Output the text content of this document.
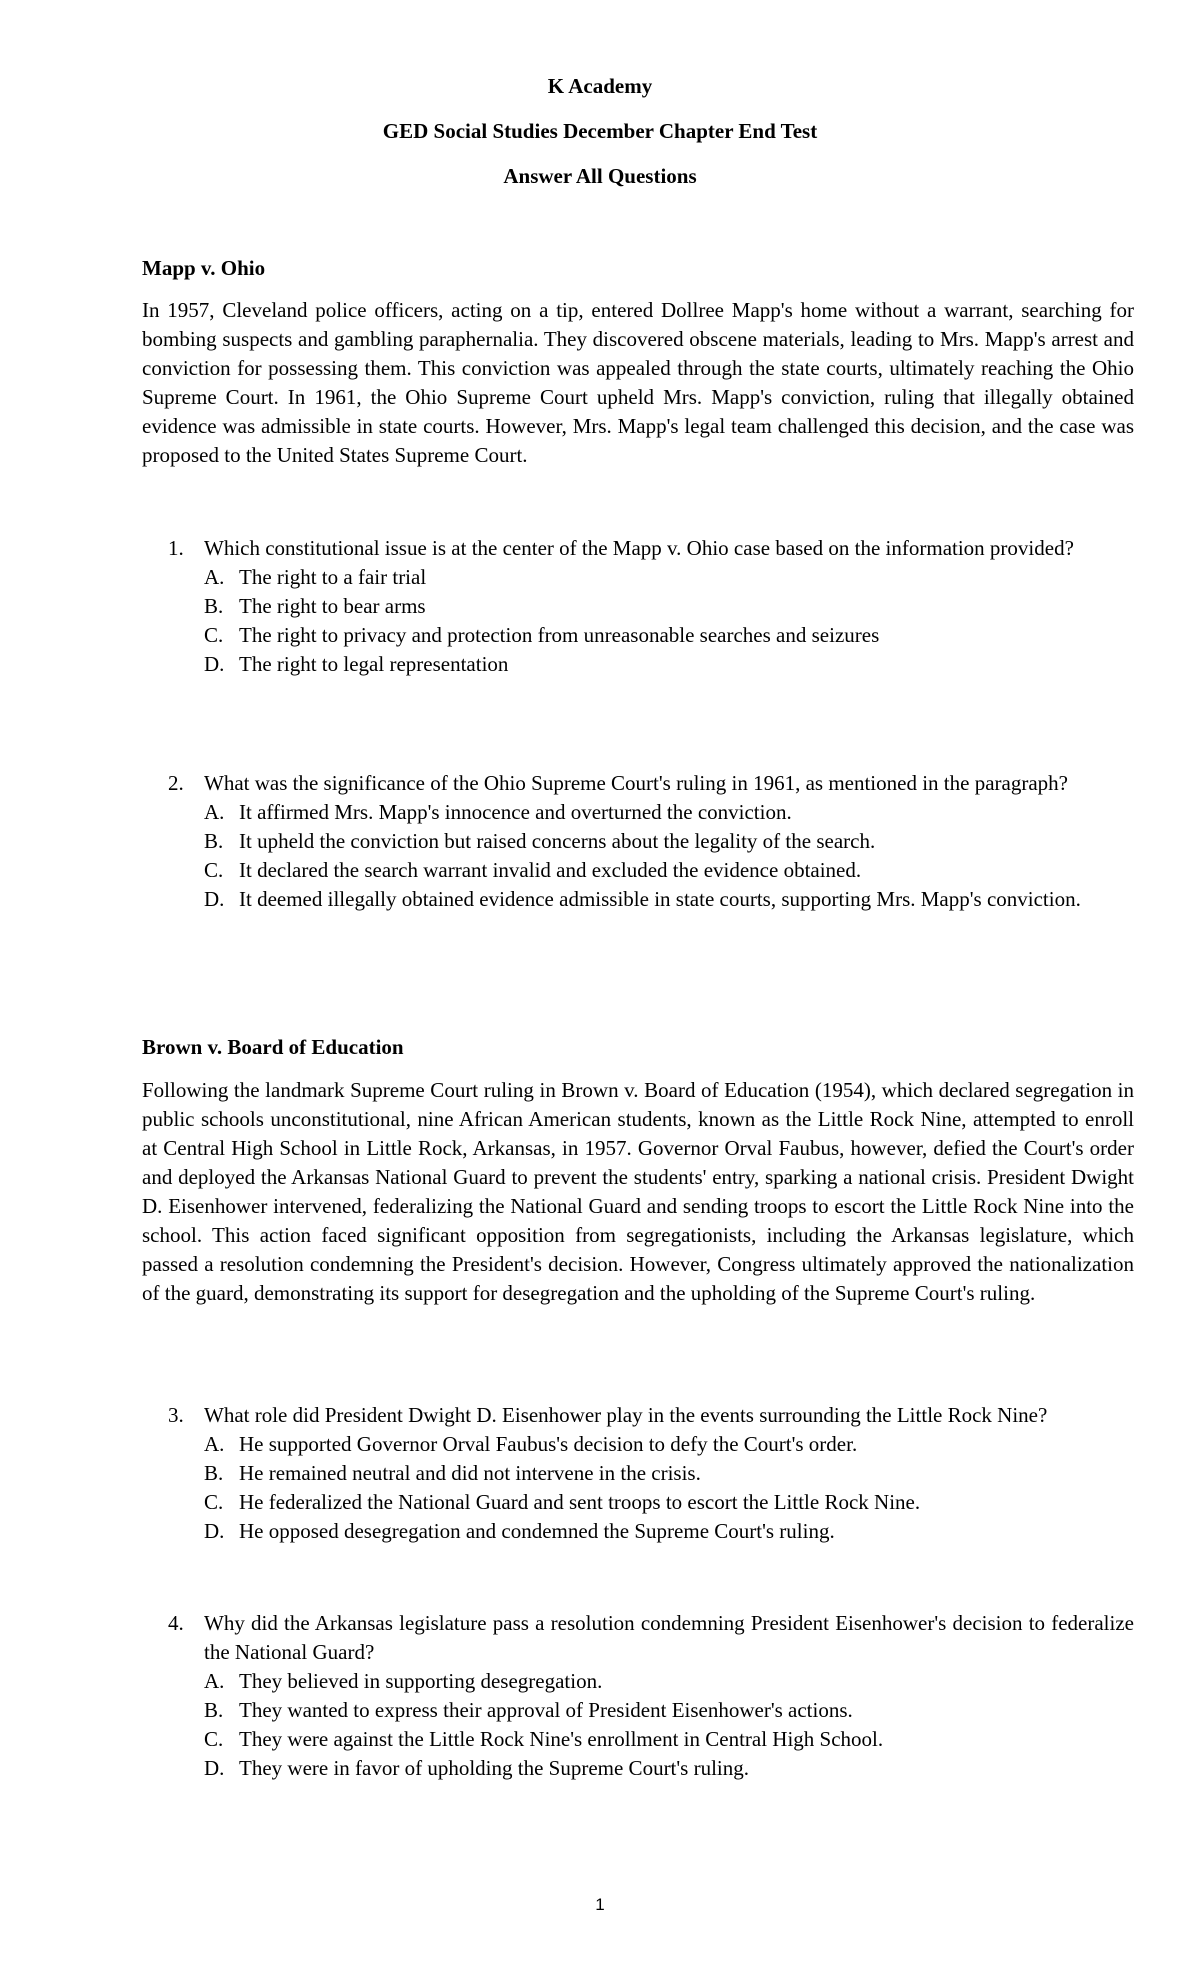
K Academy
GED Social Studies December Chapter End Test
Answer All Questions
Mapp v. Ohio
In 1957, Cleveland police officers, acting on a tip, entered Dollree Mapp's home without a warrant, searching for bombing suspects and gambling paraphernalia. They discovered obscene materials, leading to Mrs. Mapp's arrest and conviction for possessing them. This conviction was appealed through the state courts, ultimately reaching the Ohio Supreme Court. In 1961, the Ohio Supreme Court upheld Mrs. Mapp's conviction, ruling that illegally obtained evidence was admissible in state courts. However, Mrs. Mapp's legal team challenged this decision, and the case was proposed to the United States Supreme Court.
1. Which constitutional issue is at the center of the Mapp v. Ohio case based on the information provided?
A. The right to a fair trial
B. The right to bear arms
C. The right to privacy and protection from unreasonable searches and seizures
D. The right to legal representation
2. What was the significance of the Ohio Supreme Court's ruling in 1961, as mentioned in the paragraph?
A. It affirmed Mrs. Mapp's innocence and overturned the conviction.
B. It upheld the conviction but raised concerns about the legality of the search.
C. It declared the search warrant invalid and excluded the evidence obtained.
D. It deemed illegally obtained evidence admissible in state courts, supporting Mrs. Mapp's conviction.
Brown v. Board of Education
Following the landmark Supreme Court ruling in Brown v. Board of Education (1954), which declared segregation in public schools unconstitutional, nine African American students, known as the Little Rock Nine, attempted to enroll at Central High School in Little Rock, Arkansas, in 1957. Governor Orval Faubus, however, defied the Court's order and deployed the Arkansas National Guard to prevent the students' entry, sparking a national crisis. President Dwight D. Eisenhower intervened, federalizing the National Guard and sending troops to escort the Little Rock Nine into the school. This action faced significant opposition from segregationists, including the Arkansas legislature, which passed a resolution condemning the President's decision. However, Congress ultimately approved the nationalization of the guard, demonstrating its support for desegregation and the upholding of the Supreme Court's ruling.
3. What role did President Dwight D. Eisenhower play in the events surrounding the Little Rock Nine?
A. He supported Governor Orval Faubus's decision to defy the Court's order.
B. He remained neutral and did not intervene in the crisis.
C. He federalized the National Guard and sent troops to escort the Little Rock Nine.
D. He opposed desegregation and condemned the Supreme Court's ruling.
4. Why did the Arkansas legislature pass a resolution condemning President Eisenhower's decision to federalize the National Guard?
A. They believed in supporting desegregation.
B. They wanted to express their approval of President Eisenhower's actions.
C. They were against the Little Rock Nine's enrollment in Central High School.
D. They were in favor of upholding the Supreme Court's ruling.
1
